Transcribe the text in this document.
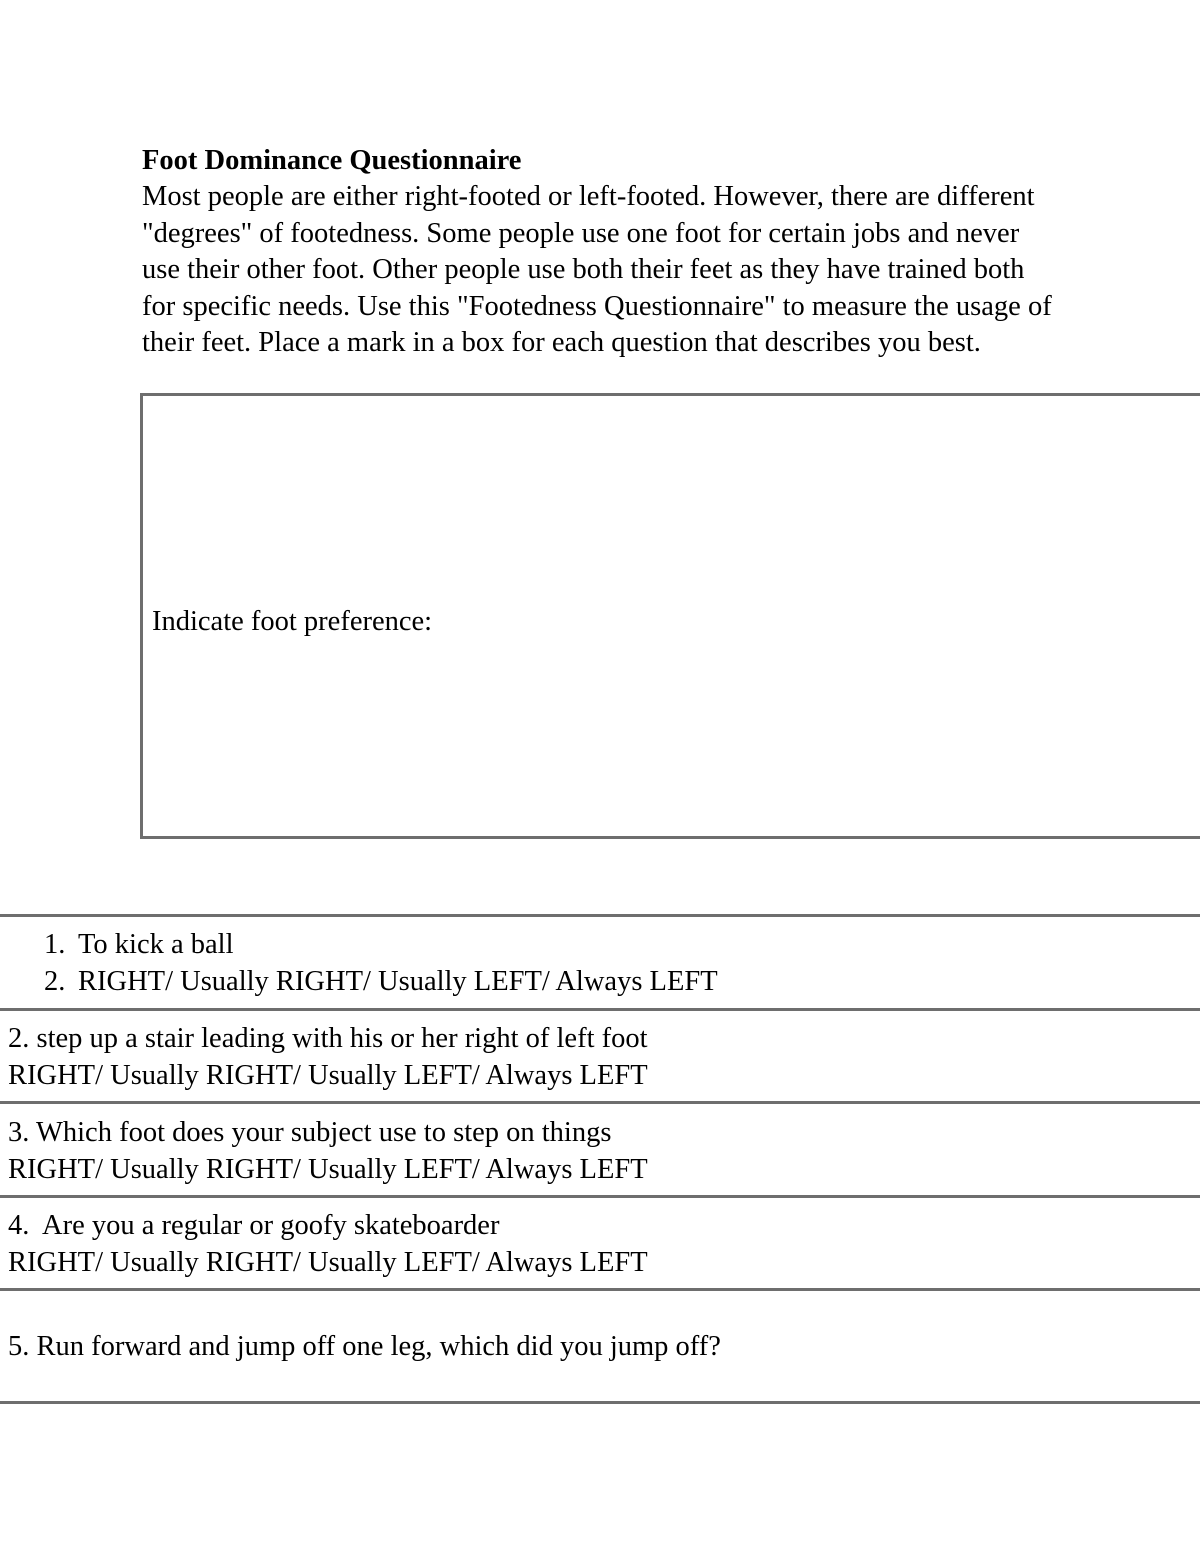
Foot Dominance Questionnaire
Most people are either right-footed or left-footed. However, there are different "degrees" of footedness. Some people use one foot for certain jobs and never use their other foot. Other people use both their feet as they have trained both for specific needs. Use this "Footedness Questionnaire" to measure the usage of their feet. Place a mark in a box for each question that describes you best.
Indicate foot preference:
1. To kick a ball
2. RIGHT/ Usually RIGHT/ Usually LEFT/ Always LEFT
2. step up a stair leading with his or her right of left foot
RIGHT/ Usually RIGHT/ Usually LEFT/ Always LEFT
3. Which foot does your subject use to step on things
RIGHT/ Usually RIGHT/ Usually LEFT/ Always LEFT
4.  Are you a regular or goofy skateboarder
RIGHT/ Usually RIGHT/ Usually LEFT/ Always LEFT
5. Run forward and jump off one leg, which did you jump off?
